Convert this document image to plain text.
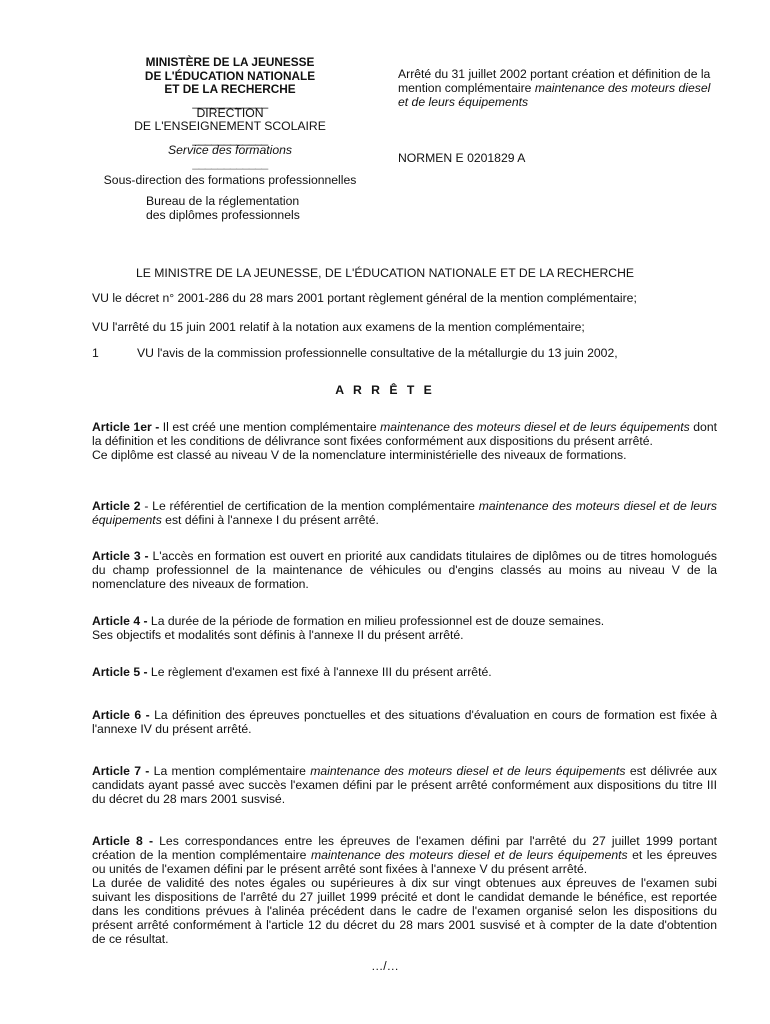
MINISTÈRE DE LA JEUNESSE
DE L'ÉDUCATION NATIONALE
ET DE LA RECHERCHE
____________
DIRECTION
DE L'ENSEIGNEMENT SCOLAIRE
____________
Service des formations
____________
Sous-direction des formations professionnelles
Bureau de la réglementation
des diplômes professionnels
Arrêté du 31 juillet 2002 portant création et définition de la mention complémentaire maintenance des moteurs diesel et de leurs équipements
NORMEN E 0201829 A
LE MINISTRE DE LA JEUNESSE, DE L'ÉDUCATION NATIONALE ET DE LA RECHERCHE
VU le décret n° 2001-286 du 28 mars 2001 portant règlement général de la mention complémentaire;
VU l'arrêté du 15 juin 2001 relatif à la notation aux examens de la mention complémentaire;
1	VU l'avis de la commission professionnelle consultative de la métallurgie du 13 juin 2002,
A R R Ê T E

Article 1er - Il est créé une mention complémentaire maintenance des moteurs diesel et de leurs équipements dont la définition et les conditions de délivrance sont fixées conformément aux dispositions du présent arrêté.

Ce diplôme est classé au niveau V de la nomenclature interministérielle des niveaux de formations.

Article 2 - Le référentiel de certification de la mention complémentaire maintenance des moteurs diesel et de leurs équipements est défini à l'annexe I du présent arrêté.

Article 3 - L'accès en formation est ouvert en priorité aux candidats titulaires de diplômes ou de titres homologués du champ professionnel de la maintenance de véhicules ou d'engins classés au moins au niveau V de la nomenclature des niveaux de formation.

Article 4 - La durée de la période de formation en milieu professionnel est de douze semaines.

Ses objectifs et modalités sont définis à l'annexe II du présent arrêté.

Article 5 - Le règlement d'examen est fixé à l'annexe III du présent arrêté.

Article 6 - La définition des épreuves ponctuelles et des situations d'évaluation en cours de formation est fixée à l'annexe IV du présent arrêté.

Article 7 - La mention complémentaire maintenance des moteurs diesel et de leurs équipements est délivrée aux candidats ayant passé avec succès l'examen défini par le présent arrêté conformément aux dispositions du titre III du décret du 28 mars 2001 susvisé.

Article 8 - Les correspondances entre les épreuves de l'examen défini par l'arrêté du 27 juillet 1999 portant création de la mention complémentaire maintenance des moteurs diesel et de leurs équipements et les épreuves ou unités de l'examen défini par le présent arrêté sont fixées à l'annexe V du présent arrêté.

La durée de validité des notes égales ou supérieures à dix sur vingt obtenues aux épreuves de l'examen subi suivant les dispositions de l'arrêté du 27 juillet 1999 précité et dont le candidat demande le bénéfice, est reportée dans les conditions prévues à l'alinéa précédent dans le cadre de l'examen organisé selon les dispositions du présent arrêté conformément à l'article 12 du décret du 28 mars 2001 susvisé et à compter de la date d'obtention de ce résultat.

…/…
